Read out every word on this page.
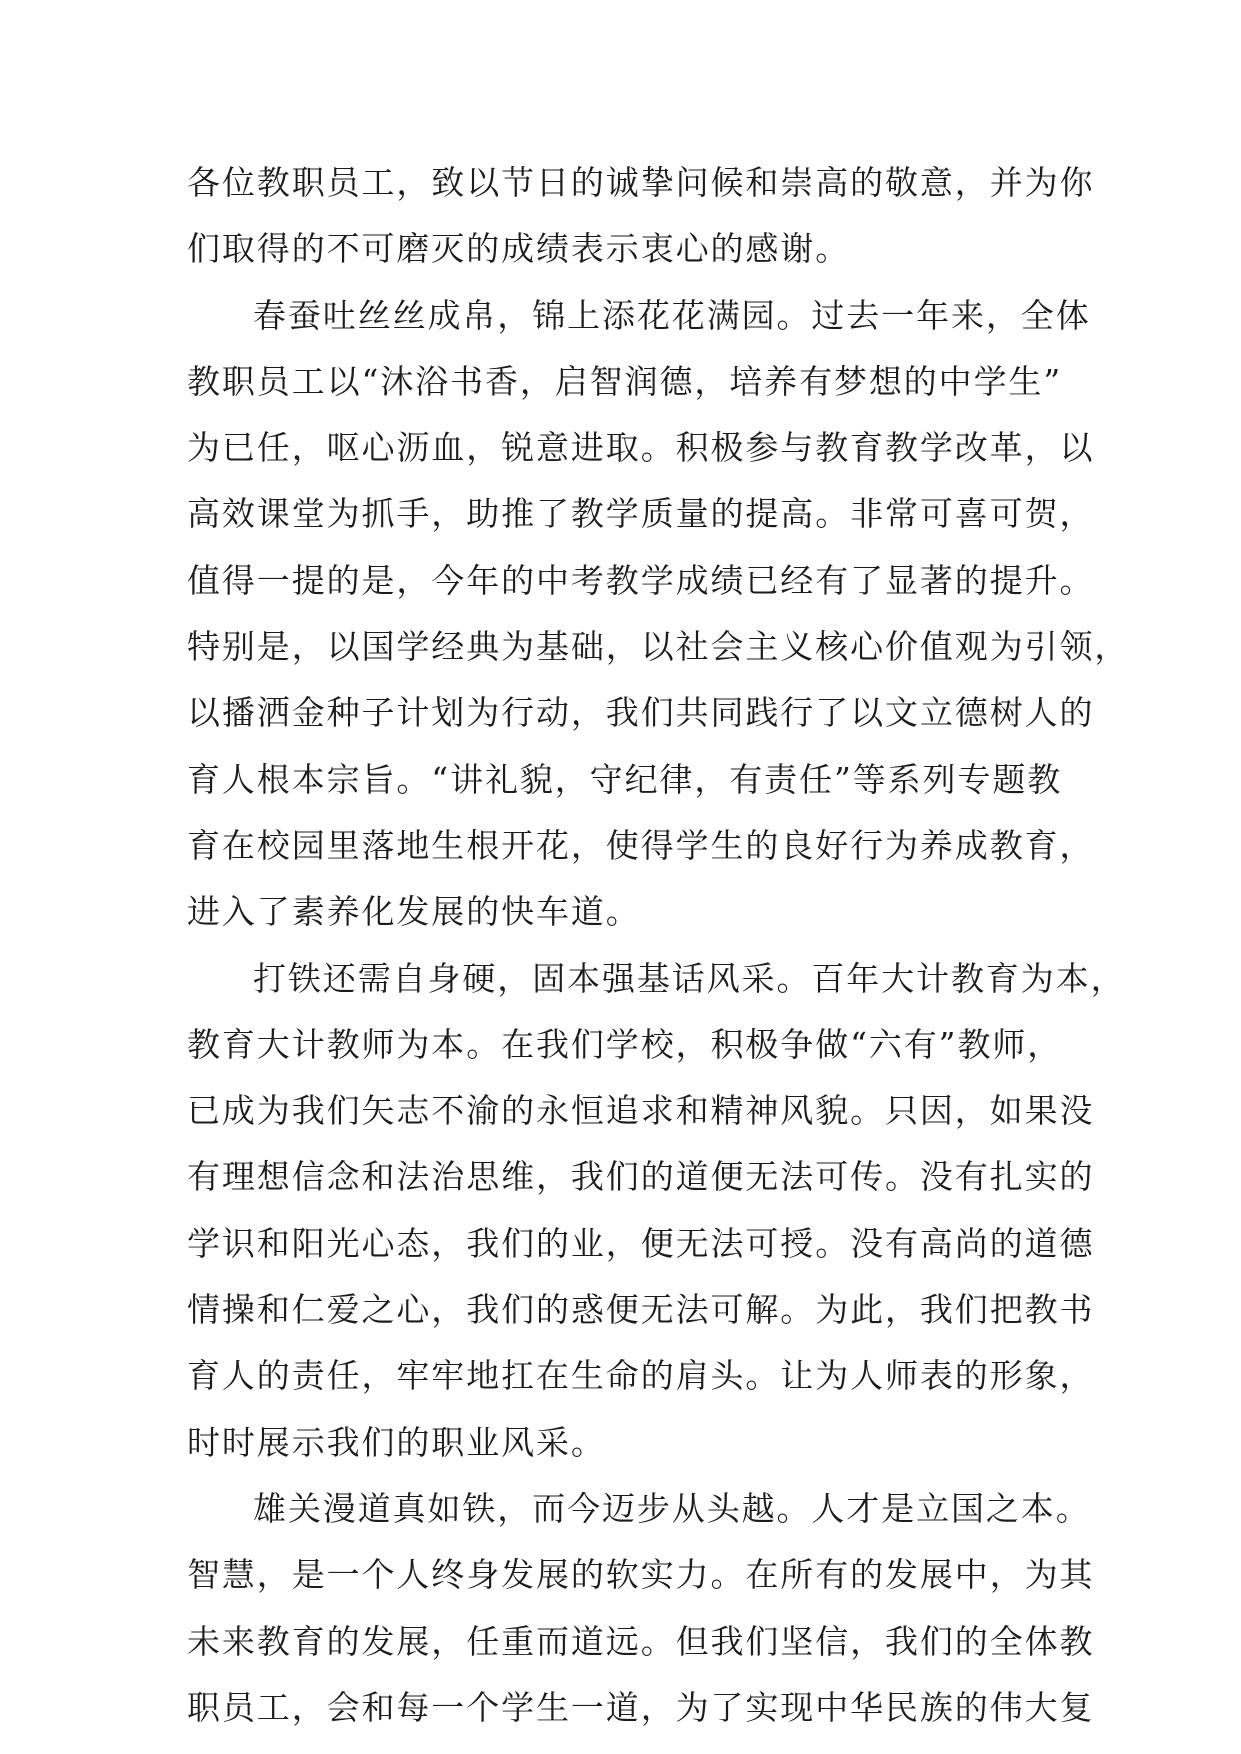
各位教职员工，致以节日的诚挚问候和崇高的敬意，并为你
们取得的不可磨灭的成绩表示衷心的感谢。
春蚕吐丝丝成帛，锦上添花花满园。过去一年来，全体
教职员工以“沐浴书香，启智润德，培养有梦想的中学生”
为已任，呕心沥血，锐意进取。积极参与教育教学改革，以
高效课堂为抓手，助推了教学质量的提高。非常可喜可贺，
值得一提的是，今年的中考教学成绩已经有了显著的提升。
特别是，以国学经典为基础，以社会主义核心价值观为引领，
以播洒金种子计划为行动，我们共同践行了以文立德树人的
育人根本宗旨。“讲礼貌，守纪律，有责任”等系列专题教
育在校园里落地生根开花，使得学生的良好行为养成教育，
进入了素养化发展的快车道。
打铁还需自身硬，固本强基话风采。百年大计教育为本，
教育大计教师为本。在我们学校，积极争做“六有”教师，
已成为我们矢志不渝的永恒追求和精神风貌。只因，如果没
有理想信念和法治思维，我们的道便无法可传。没有扎实的
学识和阳光心态，我们的业，便无法可授。没有高尚的道德
情操和仁爱之心，我们的惑便无法可解。为此，我们把教书
育人的责任，牢牢地扛在生命的肩头。让为人师表的形象，
时时展示我们的职业风采。
雄关漫道真如铁，而今迈步从头越。人才是立国之本。
智慧，是一个人终身发展的软实力。在所有的发展中，为其
未来教育的发展，任重而道远。但我们坚信，我们的全体教
职员工，会和每一个学生一道，为了实现中华民族的伟大复
